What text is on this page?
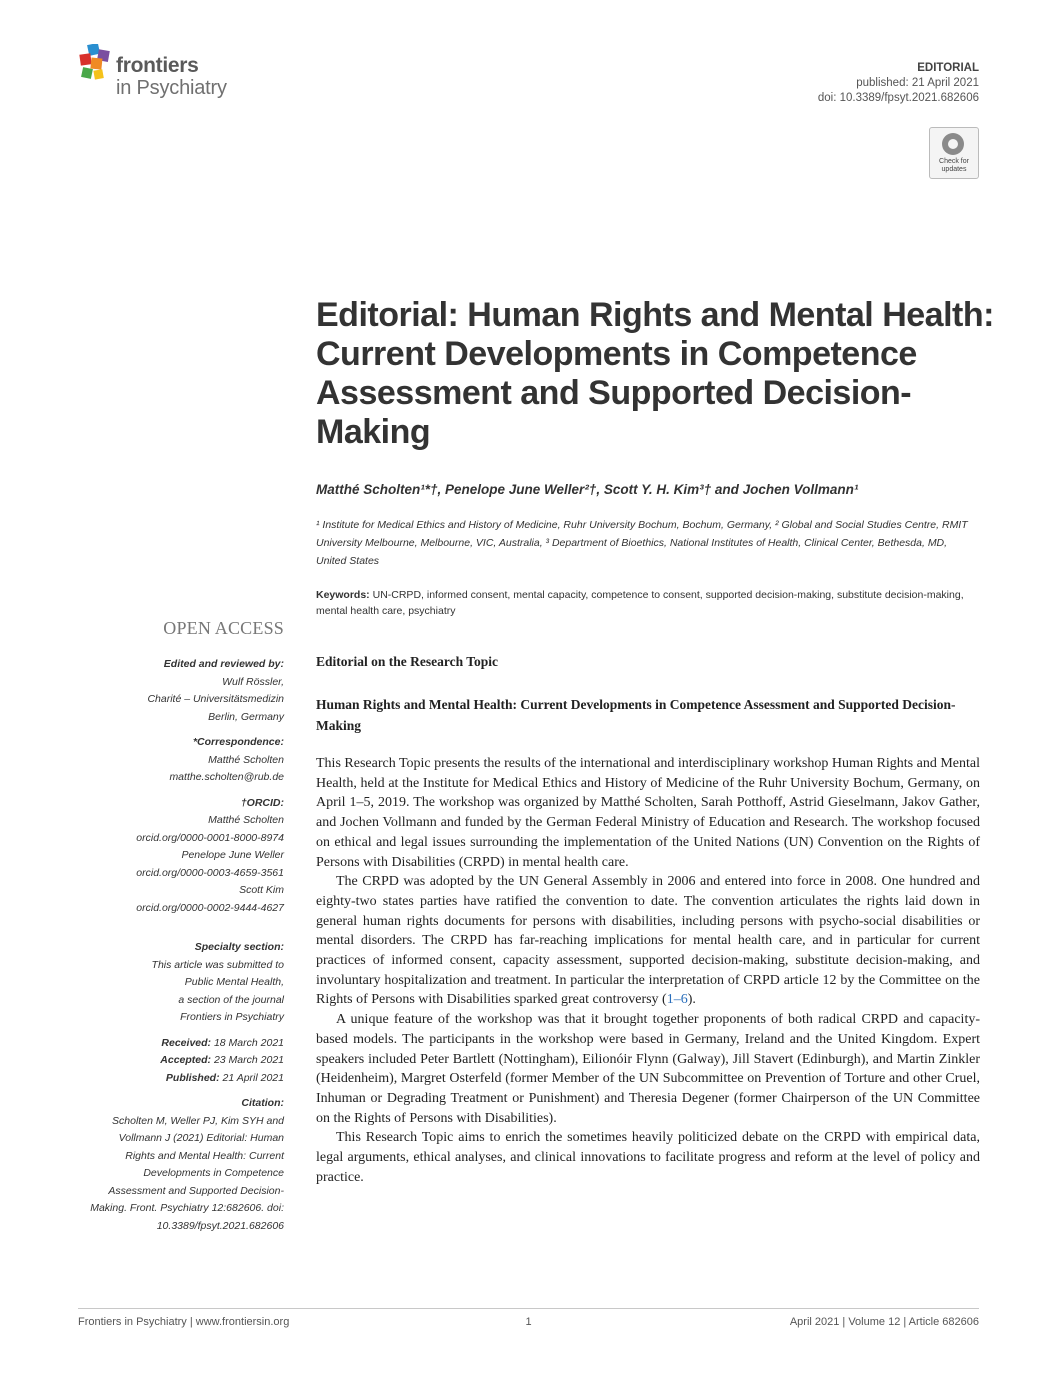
frontiers
in Psychiatry
EDITORIAL
published: 21 April 2021
doi: 10.3389/fpsyt.2021.682606
Check for updates
Editorial: Human Rights and Mental Health: Current Developments in Competence Assessment and Supported Decision-Making
Matthé Scholten¹*†, Penelope June Weller²†, Scott Y. H. Kim³† and Jochen Vollmann¹
¹ Institute for Medical Ethics and History of Medicine, Ruhr University Bochum, Bochum, Germany, ² Global and Social Studies Centre, RMIT University Melbourne, Melbourne, VIC, Australia, ³ Department of Bioethics, National Institutes of Health, Clinical Center, Bethesda, MD, United States
Keywords: UN-CRPD, informed consent, mental capacity, competence to consent, supported decision-making, substitute decision-making, mental health care, psychiatry
OPEN ACCESS
Edited and reviewed by:
Wulf Rössler,
Charité – Universitätsmedizin
Berlin, Germany
*Correspondence:
Matthé Scholten
matthe.scholten@rub.de
†ORCID:
Matthé Scholten
orcid.org/0000-0001-8000-8974
Penelope June Weller
orcid.org/0000-0003-4659-3561
Scott Kim
orcid.org/0000-0002-9444-4627
Specialty section:
This article was submitted to
Public Mental Health,
a section of the journal
Frontiers in Psychiatry
Received: 18 March 2021
Accepted: 23 March 2021
Published: 21 April 2021
Citation:
Scholten M, Weller PJ, Kim SYH and Vollmann J (2021) Editorial: Human Rights and Mental Health: Current Developments in Competence Assessment and Supported Decision-Making. Front. Psychiatry 12:682606. doi: 10.3389/fpsyt.2021.682606
Editorial on the Research Topic
Human Rights and Mental Health: Current Developments in Competence Assessment and Supported Decision-Making

This Research Topic presents the results of the international and interdisciplinary workshop Human Rights and Mental Health, held at the Institute for Medical Ethics and History of Medicine of the Ruhr University Bochum, Germany, on April 1–5, 2019. The workshop was organized by Matthé Scholten, Sarah Potthoff, Astrid Gieselmann, Jakov Gather, and Jochen Vollmann and funded by the German Federal Ministry of Education and Research. The workshop focused on ethical and legal issues surrounding the implementation of the United Nations (UN) Convention on the Rights of Persons with Disabilities (CRPD) in mental health care.

The CRPD was adopted by the UN General Assembly in 2006 and entered into force in 2008. One hundred and eighty-two states parties have ratified the convention to date. The convention articulates the rights laid down in general human rights documents for persons with disabilities, including persons with psycho-social disabilities or mental disorders. The CRPD has far-reaching implications for mental health care, and in particular for current practices of informed consent, capacity assessment, supported decision-making, substitute decision-making, and involuntary hospitalization and treatment. In particular the interpretation of CRPD article 12 by the Committee on the Rights of Persons with Disabilities sparked great controversy (1–6).

A unique feature of the workshop was that it brought together proponents of both radical CRPD and capacity-based models. The participants in the workshop were based in Germany, Ireland and the United Kingdom. Expert speakers included Peter Bartlett (Nottingham), Eilionóir Flynn (Galway), Jill Stavert (Edinburgh), and Martin Zinkler (Heidenheim), Margret Osterfeld (former Member of the UN Subcommittee on Prevention of Torture and other Cruel, Inhuman or Degrading Treatment or Punishment) and Theresia Degener (former Chairperson of the UN Committee on the Rights of Persons with Disabilities).

This Research Topic aims to enrich the sometimes heavily politicized debate on the CRPD with empirical data, legal arguments, ethical analyses, and clinical innovations to facilitate progress and reform at the level of policy and practice.

Frontiers in Psychiatry | www.frontiersin.org	1	April 2021 | Volume 12 | Article 682606
